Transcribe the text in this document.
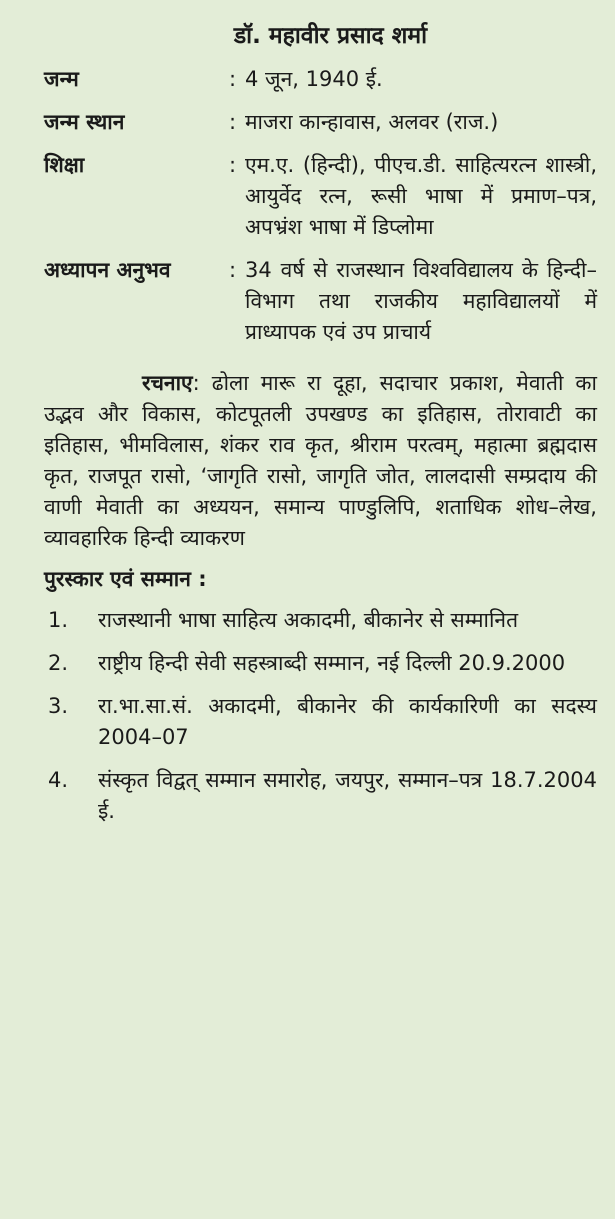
डॉ. महावीर प्रसाद शर्मा
जन्म	: 4 जून, 1940 ई.
जन्म स्थान	: माजरा कान्हावास, अलवर (राज.)
शिक्षा	: एम.ए. (हिन्दी), पीएच.डी. साहित्यरत्न शास्त्री, आयुर्वेद रत्न, रूसी भाषा में प्रमाण–पत्र, अपभ्रंश भाषा में डिप्लोमा
अध्यापन अनुभव	: 34 वर्ष से राजस्थान विश्वविद्यालय के हिन्दी–विभाग तथा राजकीय महाविद्यालयों में प्राध्यापक एवं उप प्राचार्य
रचनाए: ढोला मारू रा दूहा, सदाचार प्रकाश, मेवाती का उद्भव और विकास, कोटपूतली उपखण्ड का इतिहास, तोरावाटी का इतिहास, भीमविलास, शंकर राव कृत, श्रीराम परत्वम्, महात्मा ब्रह्मदास कृत, राजपूत रासो, ‘जागृति रासो, जागृति जोत, लालदासी सम्प्रदाय की वाणी मेवाती का अध्ययन, समान्य पाण्डुलिपि, शताधिक शोध–लेख, व्यावहारिक हिन्दी व्याकरण
पुरस्कार एवं सम्मान :
1.	राजस्थानी भाषा साहित्य अकादमी, बीकानेर से सम्मानित
2.	राष्ट्रीय हिन्दी सेवी सहस्त्राब्दी सम्मान, नई दिल्ली 20.9.2000
3.	रा.भा.सा.सं. अकादमी, बीकानेर की कार्यकारिणी का सदस्य 2004–07
4.	संस्कृत विद्वत् सम्मान समारोह, जयपुर, सम्मान–पत्र 18.7.2004 ई.
